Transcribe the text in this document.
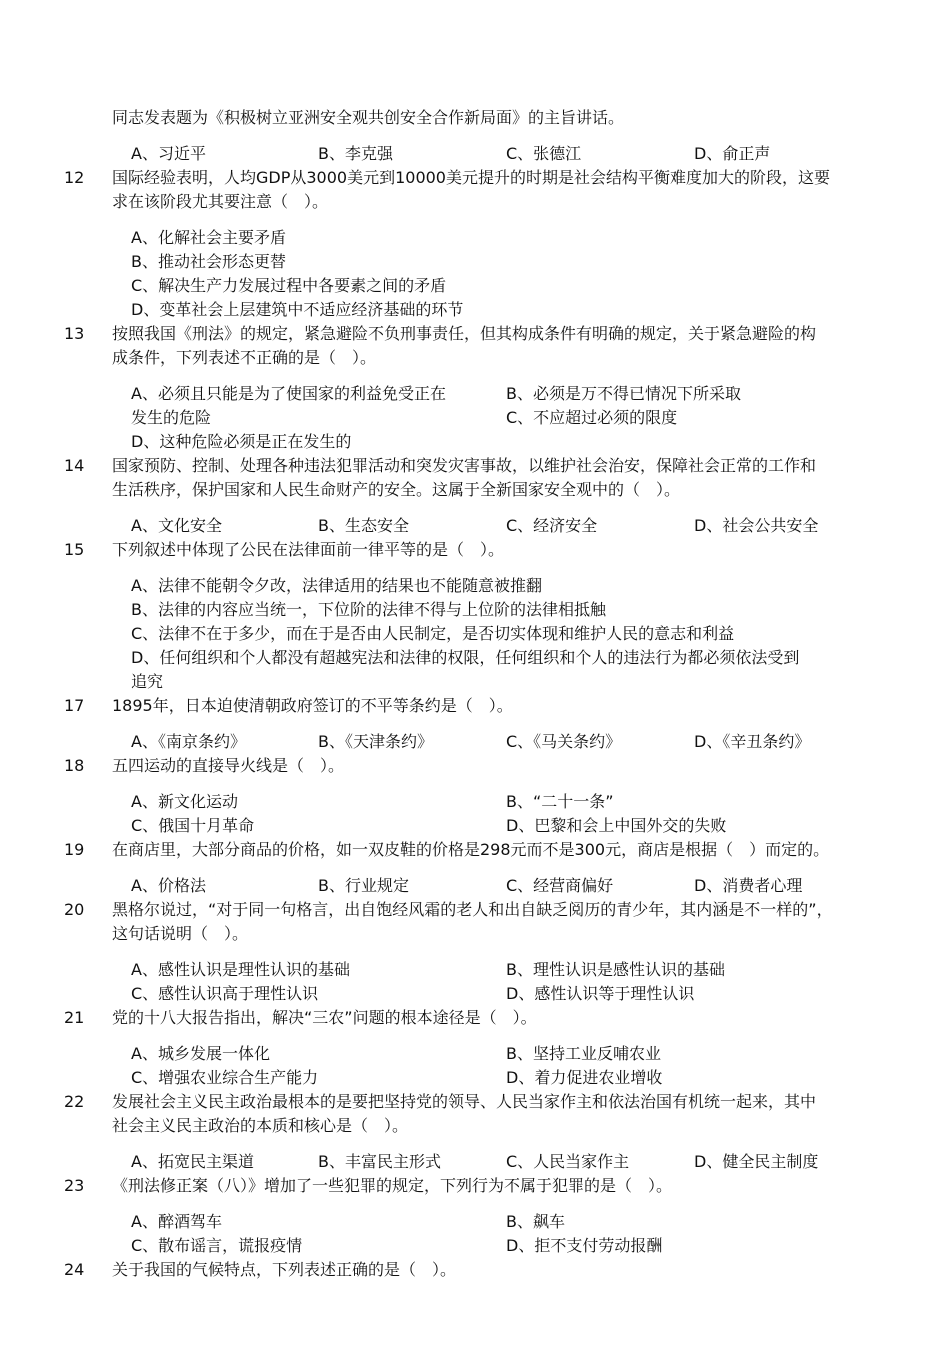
同志发表题为《积极树立亚洲安全观共创安全合作新局面》的主旨讲话。
A、习近平	B、李克强	C、张德江	D、俞正声
12 国际经验表明，人均GDP从3000美元到10000美元提升的时期是社会结构平衡难度加大的阶段，这要
求在该阶段尤其要注意（　）。
A、化解社会主要矛盾
B、推动社会形态更替
C、解决生产力发展过程中各要素之间的矛盾
D、变革社会上层建筑中不适应经济基础的环节
13 按照我国《刑法》的规定，紧急避险不负刑事责任，但其构成条件有明确的规定，关于紧急避险的构
成条件，下列表述不正确的是（　）。
A、必须且只能是为了使国家的利益免受正在	B、必须是万不得已情况下所采取
发生的危险	C、不应超过必须的限度
D、这种危险必须是正在发生的
14 国家预防、控制、处理各种违法犯罪活动和突发灾害事故，以维护社会治安，保障社会正常的工作和
生活秩序，保护国家和人民生命财产的安全。这属于全新国家安全观中的（　）。
A、文化安全	B、生态安全	C、经济安全	D、社会公共安全
15 下列叙述中体现了公民在法律面前一律平等的是（　）。
A、法律不能朝令夕改，法律适用的结果也不能随意被推翻
B、法律的内容应当统一，下位阶的法律不得与上位阶的法律相抵触
C、法律不在于多少，而在于是否由人民制定，是否切实体现和维护人民的意志和利益
D、任何组织和个人都没有超越宪法和法律的权限，任何组织和个人的违法行为都必须依法受到
追究
17 1895年，日本迫使清朝政府签订的不平等条约是（　）。
A、《南京条约》	B、《天津条约》	C、《马关条约》	D、《辛丑条约》
18 五四运动的直接导火线是（　）。
A、新文化运动	B、“二十一条”
C、俄国十月革命	D、巴黎和会上中国外交的失败
19 在商店里，大部分商品的价格，如一双皮鞋的价格是298元而不是300元，商店是根据（　）而定的。
A、价格法	B、行业规定	C、经营商偏好	D、消费者心理
20 黑格尔说过，“对于同一句格言，出自饱经风霜的老人和出自缺乏阅历的青少年，其内涵是不一样的”，
这句话说明（　）。
A、感性认识是理性认识的基础	B、理性认识是感性认识的基础
C、感性认识高于理性认识	D、感性认识等于理性认识
21 党的十八大报告指出，解决“三农”问题的根本途径是（　）。
A、城乡发展一体化	B、坚持工业反哺农业
C、增强农业综合生产能力	D、着力促进农业增收
22 发展社会主义民主政治最根本的是要把坚持党的领导、人民当家作主和依法治国有机统一起来，其中
社会主义民主政治的本质和核心是（　）。
A、拓宽民主渠道	B、丰富民主形式	C、人民当家作主	D、健全民主制度
23 《刑法修正案（八）》增加了一些犯罪的规定，下列行为不属于犯罪的是（　）。
A、醉酒驾车	B、飙车
C、散布谣言，谎报疫情	D、拒不支付劳动报酬
24 关于我国的气候特点，下列表述正确的是（　）。
